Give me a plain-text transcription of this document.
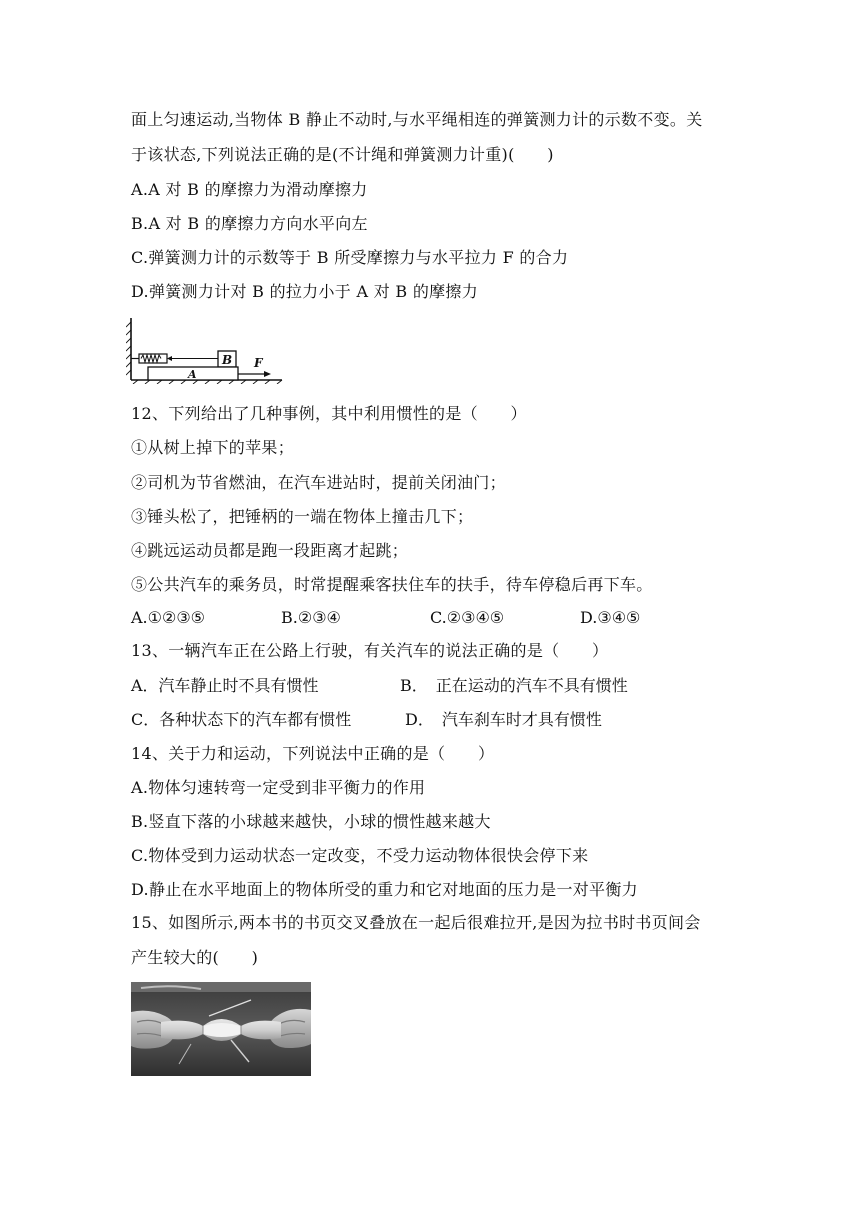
面上匀速运动,当物体 B 静止不动时,与水平绳相连的弹簧测力计的示数不变。关
于该状态,下列说法正确的是(不计绳和弹簧测力计重)(　　)
A.A 对 B 的摩擦力为滑动摩擦力
B.A 对 B 的摩擦力方向水平向左
C.弹簧测力计的示数等于 B 所受摩擦力与水平拉力 F 的合力
D.弹簧测力计对 B 的拉力小于 A 对 B 的摩擦力
B
A
F
12、下列给出了几种事例，其中利用惯性的是（　　）
①从树上掉下的苹果；
②司机为节省燃油，在汽车进站时，提前关闭油门；
③锤头松了，把锤柄的一端在物体上撞击几下；
④跳远运动员都是跑一段距离才起跳；
⑤公共汽车的乘务员，时常提醒乘客扶住车的扶手，待车停稳后再下车。
A.①②③⑤	B.②③④	C.②③④⑤	D.③④⑤
13、一辆汽车正在公路上行驶，有关汽车的说法正确的是（　　）
A．汽车静止时不具有惯性	B．　正在运动的汽车不具有惯性
C．各种状态下的汽车都有惯性	D．　汽车刹车时才具有惯性
14、关于力和运动，下列说法中正确的是（　　）
A.物体匀速转弯一定受到非平衡力的作用
B.竖直下落的小球越来越快，小球的惯性越来越大
C.物体受到力运动状态一定改变，不受力运动物体很快会停下来
D.静止在水平地面上的物体所受的重力和它对地面的压力是一对平衡力
15、如图所示,两本书的书页交叉叠放在一起后很难拉开,是因为拉书时书页间会
产生较大的(　　)
